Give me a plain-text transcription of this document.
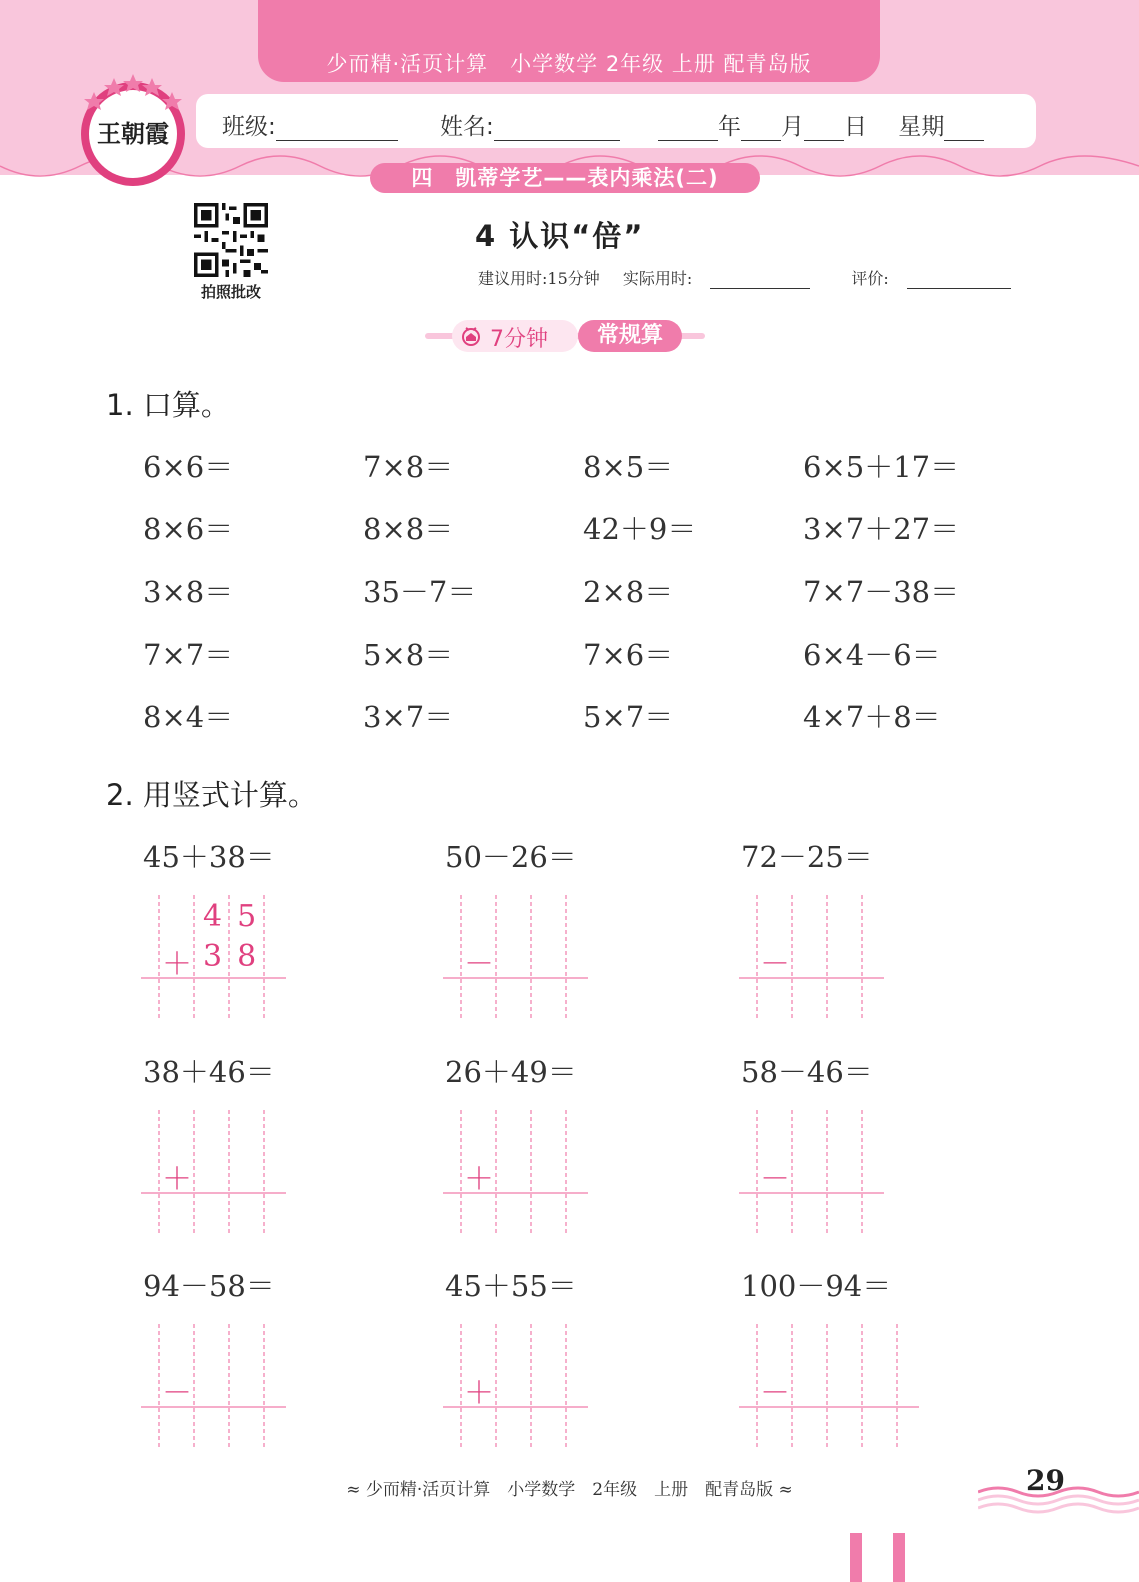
少而精·活页计算　小学数学 2年级 上册 配青岛版
班级:	姓名:	年 月 日 星期
四　凯蒂学艺——表内乘法(二)
王朝霞
拍照批改
4 认识“倍”
建议用时:15分钟 实际用时:	评价:
7分钟	常规算
1. 口算。
6×6＝	7×8＝	8×5＝	6×5＋17＝
8×6＝	8×8＝	42＋9＝	3×7＋27＝
3×8＝	35－7＝	2×8＝	7×7－38＝
7×7＝	5×8＝	7×6＝	6×4－6＝
8×4＝	3×7＝	5×7＝	4×7＋8＝
2. 用竖式计算。
45＋38＝
＋
45
38
50－26＝
－
72－25＝
－
38＋46＝
＋
26＋49＝
＋
58－46＝
－
94－58＝
－
45＋55＝
＋
100－94＝
－
≈ 少而精·活页计算　小学数学　2年级　上册　配青岛版 ≈	29
